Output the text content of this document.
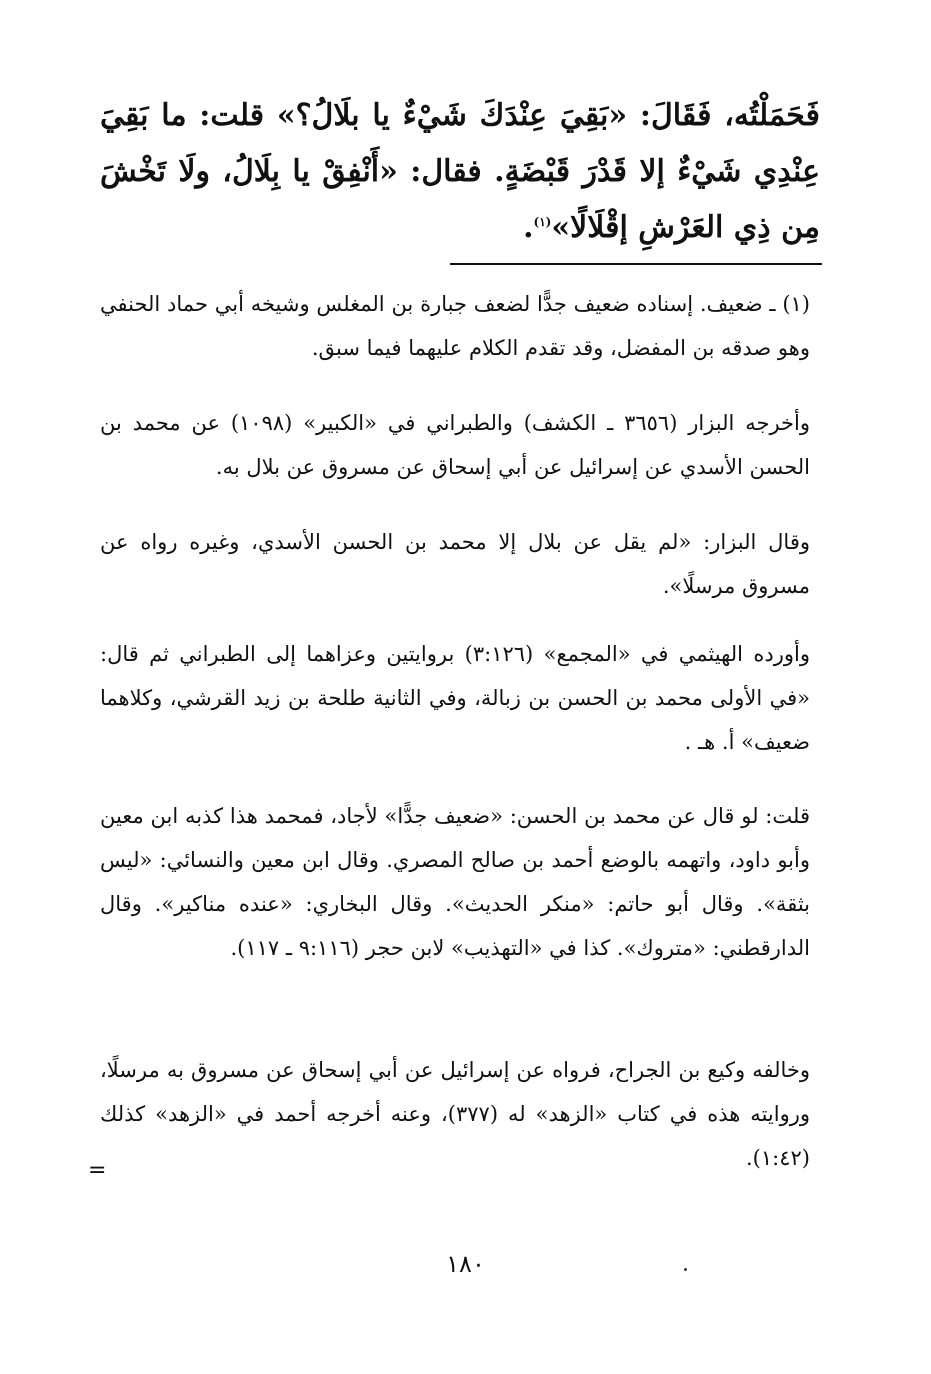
فَحَمَلْتُه، فَقَالَ: «بَقِيَ عِنْدَكَ شَيْءٌ يا بلَالُ؟» قلت: ما بَقِيَ عِنْدِي شَيْءٌ إلا قَدْرَ قَبْضَةٍ. فقال: «أَنْفِقْ يا بِلَالُ، ولَا تَخْشَ مِن ذِي العَرْشِ إقْلَالًا»$^{(١)}$.

(١) ـ ضعيف. إسناده ضعيف جدًّا لضعف جبارة بن المغلس وشيخه أبي حماد الحنفي وهو صدقه بن المفضل، وقد تقدم الكلام عليهما فيما سبق.

وأخرجه البزار (٣٦٥٦ ـ الكشف) والطبراني في «الكبير» (١٠٩٨) عن محمد بن الحسن الأسدي عن إسرائيل عن أبي إسحاق عن مسروق عن بلال به.

وقال البزار: «لم يقل عن بلال إلا محمد بن الحسن الأسدي، وغيره رواه عن مسروق مرسلًا».

وأورده الهيثمي في «المجمع» (٣:١٢٦) بروايتين وعزاهما إلى الطبراني ثم قال: «في الأولى محمد بن الحسن بن زبالة، وفي الثانية طلحة بن زيد القرشي، وكلاهما ضعيف» أ. هـ .

قلت: لو قال عن محمد بن الحسن: «ضعيف جدًّا» لأجاد، فمحمد هذا كذبه ابن معين وأبو داود، واتهمه بالوضع أحمد بن صالح المصري. وقال ابن معين والنسائي: «ليس بثقة». وقال أبو حاتم: «منكر الحديث». وقال البخاري: «عنده مناكير». وقال الدارقطني: «متروك». كذا في «التهذيب» لابن حجر (٩:١١٦ ـ ١١٧).

وخالفه وكيع بن الجراح، فرواه عن إسرائيل عن أبي إسحاق عن مسروق به مرسلًا، وروايته هذه في كتاب «الزهد» له (٣٧٧)، وعنه أخرجه أحمد في «الزهد» كذلك (١:٤٢).

=
١٨٠
